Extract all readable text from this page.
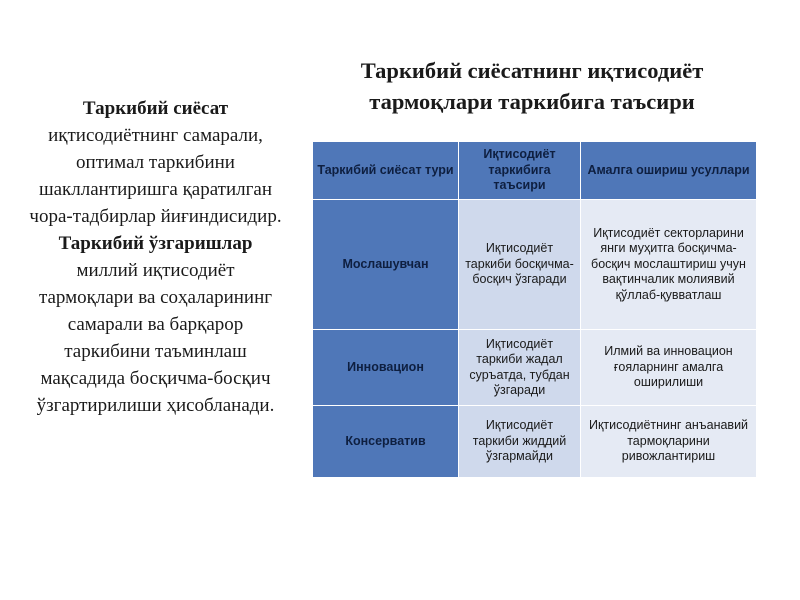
Таркибий сиёсат иқтисодиётнинг самарали, оптимал таркибини шакллантиришга қаратилган чора-тадбирлар йиғиндисидир. Таркибий ўзгаришлар миллий иқтисодиёт тармоқлари ва соҳаларининг самарали ва барқарор таркибини таъминлаш мақсадида босқичма-босқич ўзгартирилиши ҳисобланади.
Таркибий сиёсатнинг иқтисодиёт тармоқлари таркибига таъсири
Таркибий сиёсат тури	Иқтисодиёт таркибига таъсири	Амалга ошириш усуллари
Мослашувчан	Иқтисодиёт таркиби босқичма-босқич ўзгаради	Иқтисодиёт секторларини янги муҳитга босқичма-босқич мослаштириш учун вақтинчалик молиявий қўллаб-қувватлаш
Инновацион	Иқтисодиёт таркиби жадал суръатда, тубдан ўзгаради	Илмий ва инновацион ғояларнинг амалга оширилиши
Консерватив	Иқтисодиёт таркиби жиддий ўзгармайди	Иқтисодиётнинг анъанавий тармоқларини ривожлантириш
